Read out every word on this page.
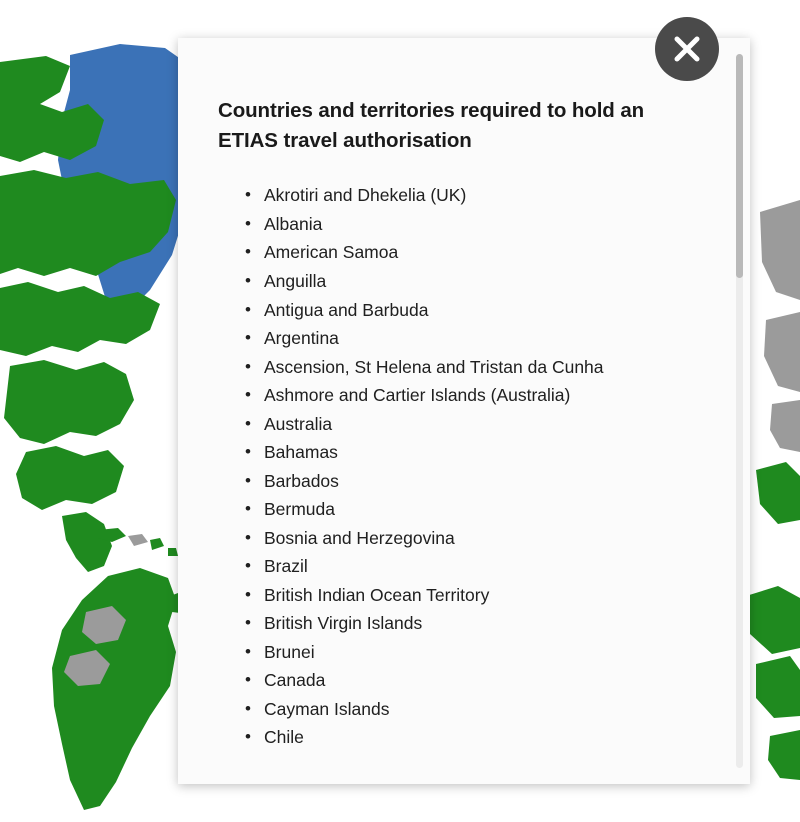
Countries and territories required to hold an ETIAS travel authorisation
• Akrotiri and Dhekelia (UK)
• Albania
• American Samoa
• Anguilla
• Antigua and Barbuda
• Argentina
• Ascension, St Helena and Tristan da Cunha
• Ashmore and Cartier Islands (Australia)
• Australia
• Bahamas
• Barbados
• Bermuda
• Bosnia and Herzegovina
• Brazil
• British Indian Ocean Territory
• British Virgin Islands
• Brunei
• Canada
• Cayman Islands
• Chile
